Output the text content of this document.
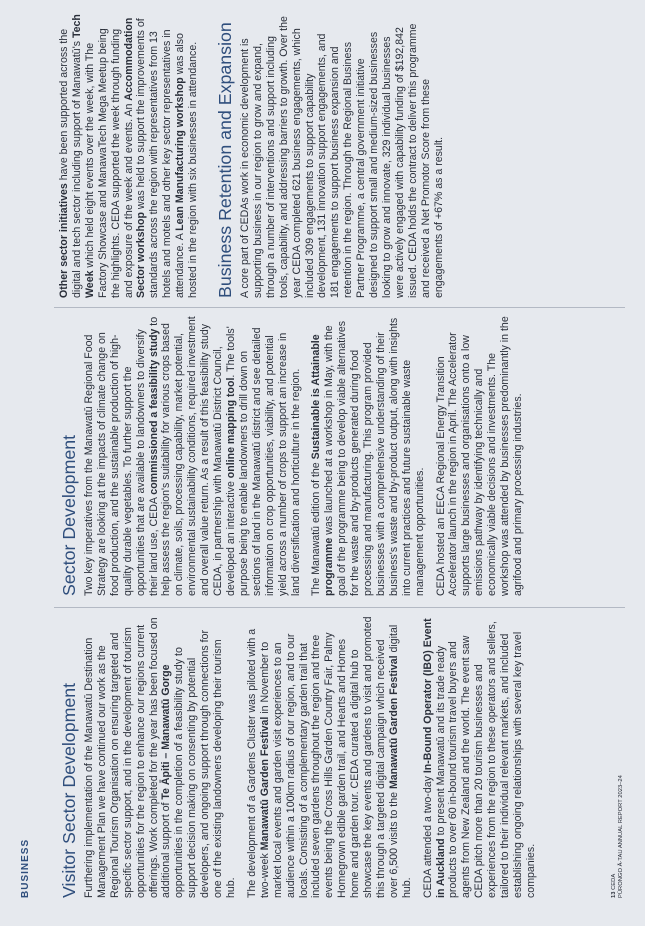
BUSINESS Visitor Sector Development Furthering implementation of the Manawatū Destination Management Plan we have continued our work as the Regional Tourism Organisation on ensuring targeted and specific sector support, and in the development of tourism opportunities for the region to enhance our regions current offerings. Work completed for the year has been focused on additional support of Te Āpiti – Manawatū Gorge opportunities in the completion of a feasibility study to support decision making on consenting by potential developers, and ongoing support through connections for one of the existing landowners developing their tourism hub. The development of a Gardens Cluster was piloted with a two-week Manawatū Garden Festival in November to market local events and garden visit experiences to an audience within a 100km radius of our region, and to our locals. Consisting of a complementary garden trail that included seven gardens throughout the region and three events being the Cross Hills Garden Country Fair, Palmy Homegrown edible garden trail, and Hearts and Homes home and garden tour. CEDA curated a digital hub to showcase the key events and gardens to visit and promoted this through a targeted digital campaign which received over 6,500 visits to the Manawatū Garden Festival digital hub. CEDA attended a two-day In-Bound Operator (IBO) Event in Auckland to present Manawatū and its trade ready products to over 60 in-bound tourism travel buyers and agents from New Zealand and the world. The event saw CEDA pitch more than 20 tourism businesses and experiences from the region to these operators and sellers, tailored to their individual relevant markets, and included establishing ongoing relationships with several key travel companies.

Sector Development Two key imperatives from the Manawatū Regional Food Strategy are looking at the impacts of climate change on food production, and the sustainable production of high-quality durable vegetables. To further support the opportunities that are available to landowners to diversify their land use, CEDA commissioned a feasibility study to help assess the region's suitability for various crops based on climate, soils, processing capability, market potential, environmental sustainability conditions, required investment and overall value return. As a result of this feasibility study CEDA, in partnership with Manawatū District Council, developed an interactive online mapping tool. The tools' purpose being to enable landowners to drill down on sections of land in the Manawatū district and see detailed information on crop opportunities, viability, and potential yield across a number of crops to support an increase in land diversification and horticulture in the region. The Manawatū edition of the Sustainable is Attainable programme was launched at a workshop in May, with the goal of the programme being to develop viable alternatives for the waste and by-products generated during food processing and manufacturing. This program provided businesses with a comprehensive understanding of their business's waste and by-product output, along with insights into current practices and future sustainable waste management opportunities. CEDA hosted an EECA Regional Energy Transition Accelerator launch in the region in April. The Accelerator supports large businesses and organisations onto a low emissions pathway by identifying technically and economically viable decisions and investments. The workshop was attended by businesses predominantly in the agrifood and primary processing industries.

Other sector initiatives have been supported across the digital and tech sector including support of Manawatū's Tech Week which held eight events over the week, with The Factory Showcase and ManawaTech Mega Meetup being the highlights. CEDA supported the week through funding and exposure of the week and events. An Accommodation Sector workshop was held to support the improvements of standards across the region with representatives from 13 hotels and motels and other key sector representatives in attendance. A Lean Manufacturing workshop was also hosted in the region with six businesses in attendance. Business Retention and Expansion A core part of CEDAs work in economic development is supporting business in our region to grow and expand, through a number of interventions and support including tools, capability, and addressing barriers to growth. Over the year CEDA completed 621 business engagements, which included 309 engagements to support capability development, 131 innovation support engagements, and 181 engagements to support business expansion and retention in the region. Through the Regional Business Partner Programme, a central government initiative designed to support small and medium-sized businesses looking to grow and innovate, 329 individual businesses were actively engaged with capability funding of $192,842 issued. CEDA holds the contract to deliver this programme and received a Net Promotor Score from these engagements of +67% as a result.

13 CEDA PŪRONGO Ā-TAU ANNUAL REPORT 2023–24
